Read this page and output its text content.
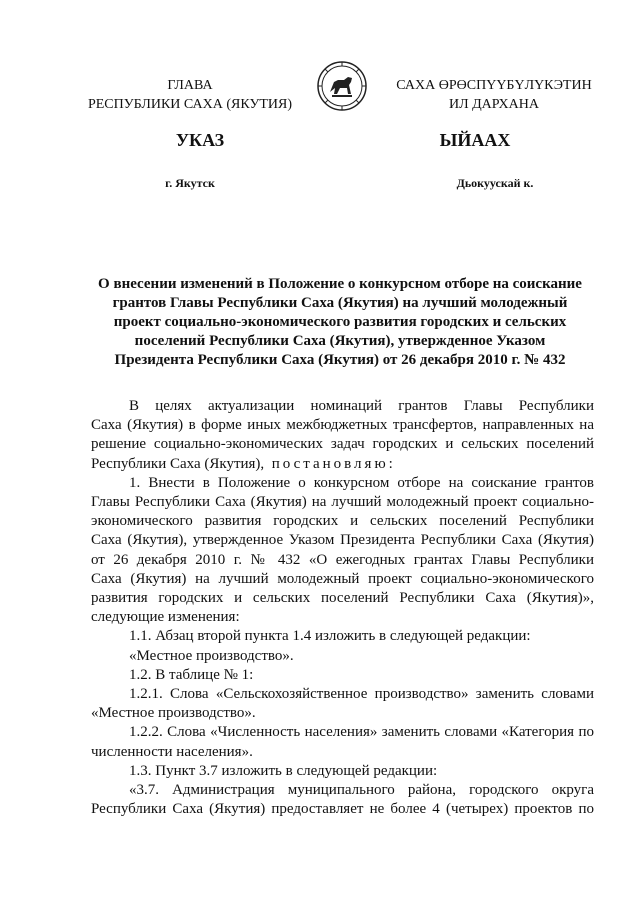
ГЛАВА
РЕСПУБЛИКИ САХА (ЯКУТИЯ)
САХА ӨРӨСПҮҮБҮЛҮКЭТИН
ИЛ ДАРХАНА
УКАЗ	ЫЙААХ
г. Якутск	Дьокуускай к.
О внесении изменений в Положение о конкурсном отборе на соискание
грантов Главы Республики Саха (Якутия) на лучший молодежный
проект социально-экономического развития городских и сельских
поселений Республики Саха (Якутия), утвержденное Указом
Президента Республики Саха (Якутия) от 26 декабря 2010 г. № 432
В целях актуализации номинаций грантов Главы Республики
Саха (Якутия) в форме иных межбюджетных трансфертов, направленных на
решение социально-экономических задач городских и сельских поселений
Республики Саха (Якутия), постановляю:
1. Внести в Положение о конкурсном отборе на соискание грантов
Главы Республики Саха (Якутия) на лучший молодежный проект социально-
экономического развития городских и сельских поселений Республики
Саха (Якутия), утвержденное Указом Президента Республики Саха (Якутия)
от 26 декабря 2010 г. № 432 «О ежегодных грантах Главы Республики
Саха (Якутия) на лучший молодежный проект социально-экономического
развития городских и сельских поселений Республики Саха (Якутия)»,
следующие изменения:
1.1. Абзац второй пункта 1.4 изложить в следующей редакции:
«Местное производство».
1.2. В таблице № 1:
1.2.1. Слова «Сельскохозяйственное производство» заменить словами
«Местное производство».
1.2.2. Слова «Численность населения» заменить словами «Категория по
численности населения».
1.3. Пункт 3.7 изложить в следующей редакции:
«3.7. Администрация муниципального района, городского округа
Республики Саха (Якутия) предоставляет не более 4 (четырех) проектов по
